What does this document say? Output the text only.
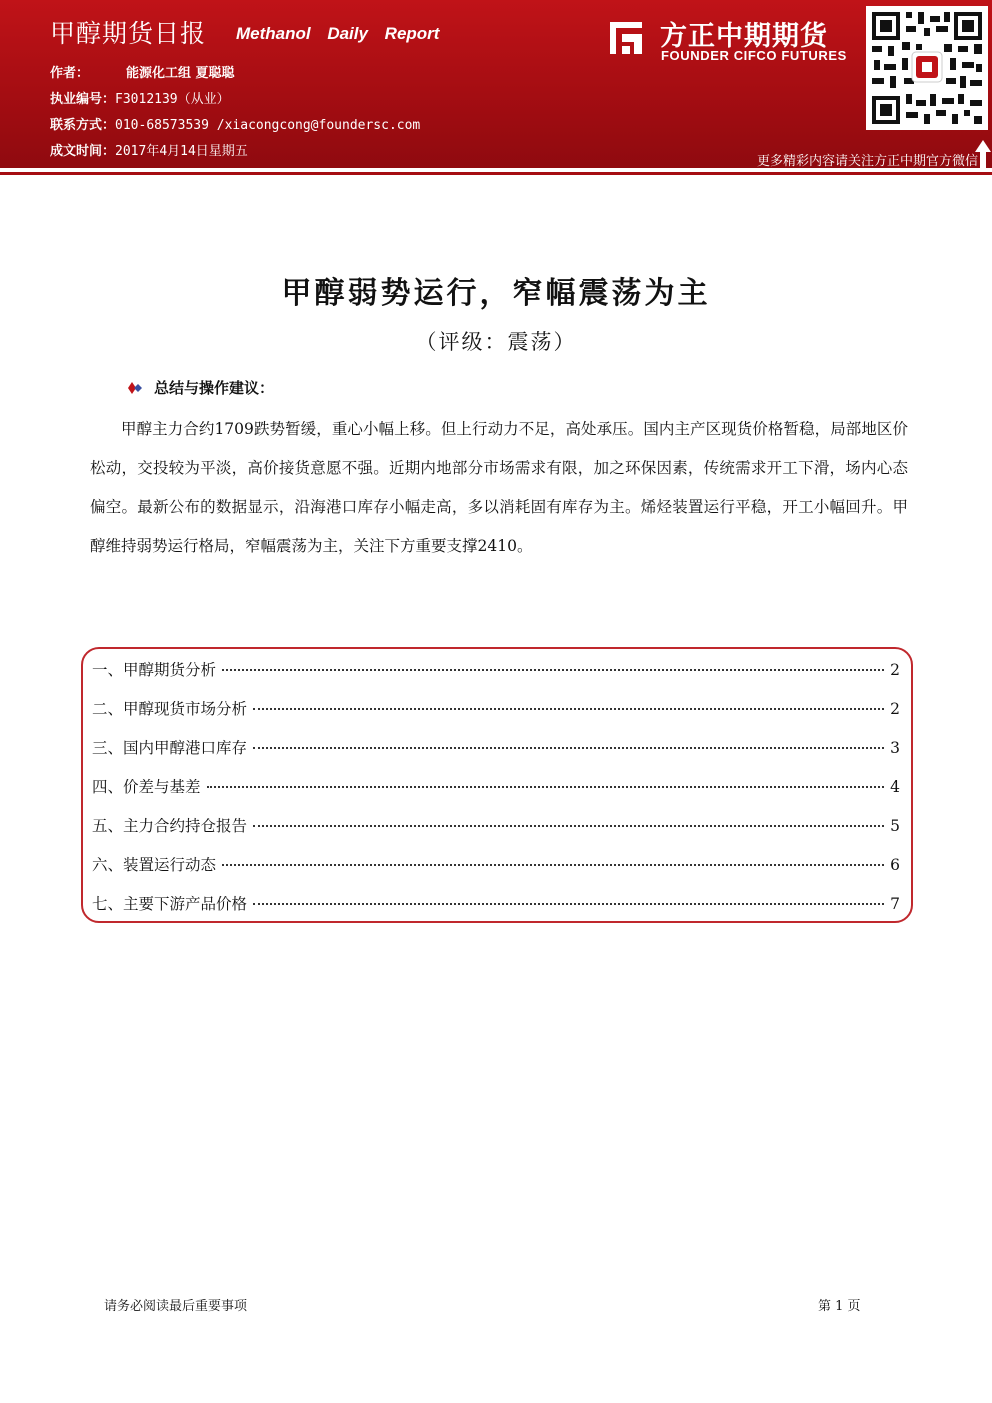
甲醇期货日报 Methanol Daily Report
作者：	能源化工组 夏聪聪
执业编号：F3012139（从业）
联系方式：010-68573539 /xiacongcong@foundersc.com
成文时间：2017年4月14日星期五
方正中期期货
FOUNDER CIFCO FUTURES
更多精彩内容请关注方正中期官方微信
甲醇弱势运行，窄幅震荡为主
（评级：震荡）
总结与操作建议：
甲醇主力合约1709跌势暂缓，重心小幅上移。但上行动力不足，高处承压。国内主产区现货价格暂稳，局部地区价松动，交投较为平淡，高价接货意愿不强。近期内地部分市场需求有限，加之环保因素，传统需求开工下滑，场内心态偏空。最新公布的数据显示，沿海港口库存小幅走高，多以消耗固有库存为主。烯烃装置运行平稳，开工小幅回升。甲醇维持弱势运行格局，窄幅震荡为主，关注下方重要支撑2410。
一、甲醇期货分析	2
二、甲醇现货市场分析	2
三、国内甲醇港口库存	3
四、价差与基差	4
五、主力合约持仓报告	5
六、装置运行动态	6
七、主要下游产品价格	7
请务必阅读最后重要事项	第 1 页
